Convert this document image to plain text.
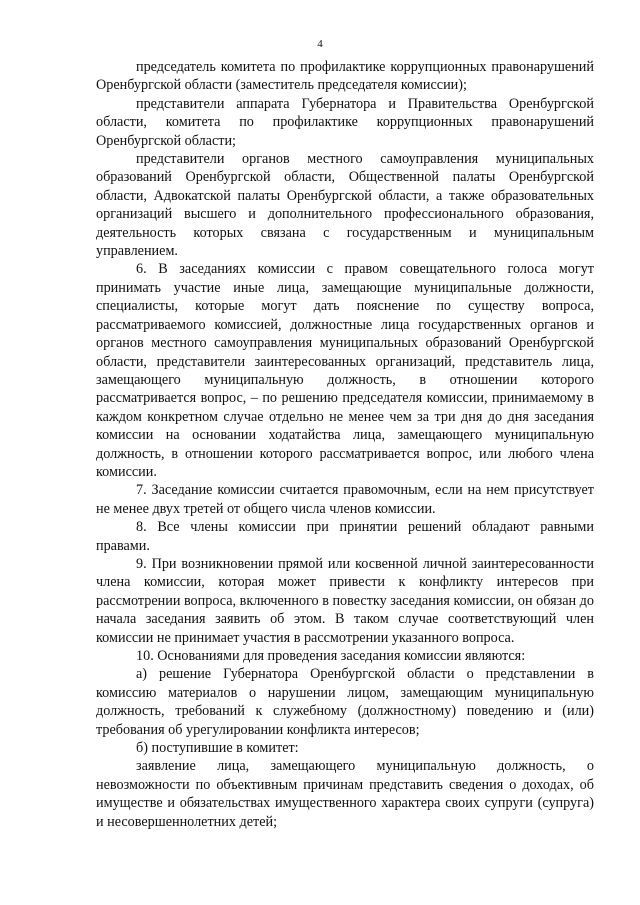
4

председатель комитета по профилактике коррупционных правонарушений Оренбургской области (заместитель председателя комиссии);

представители аппарата Губернатора и Правительства Оренбургской области, комитета по профилактике коррупционных правонарушений Оренбургской области;

представители органов местного самоуправления муниципальных образований Оренбургской области, Общественной палаты Оренбургской области, Адвокатской палаты Оренбургской области, а также образовательных организаций высшего и дополнительного профессионального образования, деятельность которых связана с государственным и муниципальным управлением.

6. В заседаниях комиссии с правом совещательного голоса могут принимать участие иные лица, замещающие муниципальные должности, специалисты, которые могут дать пояснение по существу вопроса, рассматриваемого комиссией, должностные лица государственных органов и органов местного самоуправления муниципальных образований Оренбургской области, представители заинтересованных организаций, представитель лица, замещающего муниципальную должность, в отношении которого рассматривается вопрос, – по решению председателя комиссии, принимаемому в каждом конкретном случае отдельно не менее чем за три дня до дня заседания комиссии на основании ходатайства лица, замещающего муниципальную должность, в отношении которого рассматривается вопрос, или любого члена комиссии.

7. Заседание комиссии считается правомочным, если на нем присутствует не менее двух третей от общего числа членов комиссии.

8. Все члены комиссии при принятии решений обладают равными правами.

9. При возникновении прямой или косвенной личной заинтересованности члена комиссии, которая может привести к конфликту интересов при рассмотрении вопроса, включенного в повестку заседания комиссии, он обязан до начала заседания заявить об этом. В таком случае соответствующий член комиссии не принимает участия в рассмотрении указанного вопроса.

10. Основаниями для проведения заседания комиссии являются:

а) решение Губернатора Оренбургской области о представлении в комиссию материалов о нарушении лицом, замещающим муниципальную должность, требований к служебному (должностному) поведению и (или) требования об урегулировании конфликта интересов;

б) поступившие в комитет:

заявление лица, замещающего муниципальную должность, о невозможности по объективным причинам представить сведения о доходах, об имуществе и обязательствах имущественного характера своих супруги (супруга) и несовершеннолетних детей;
